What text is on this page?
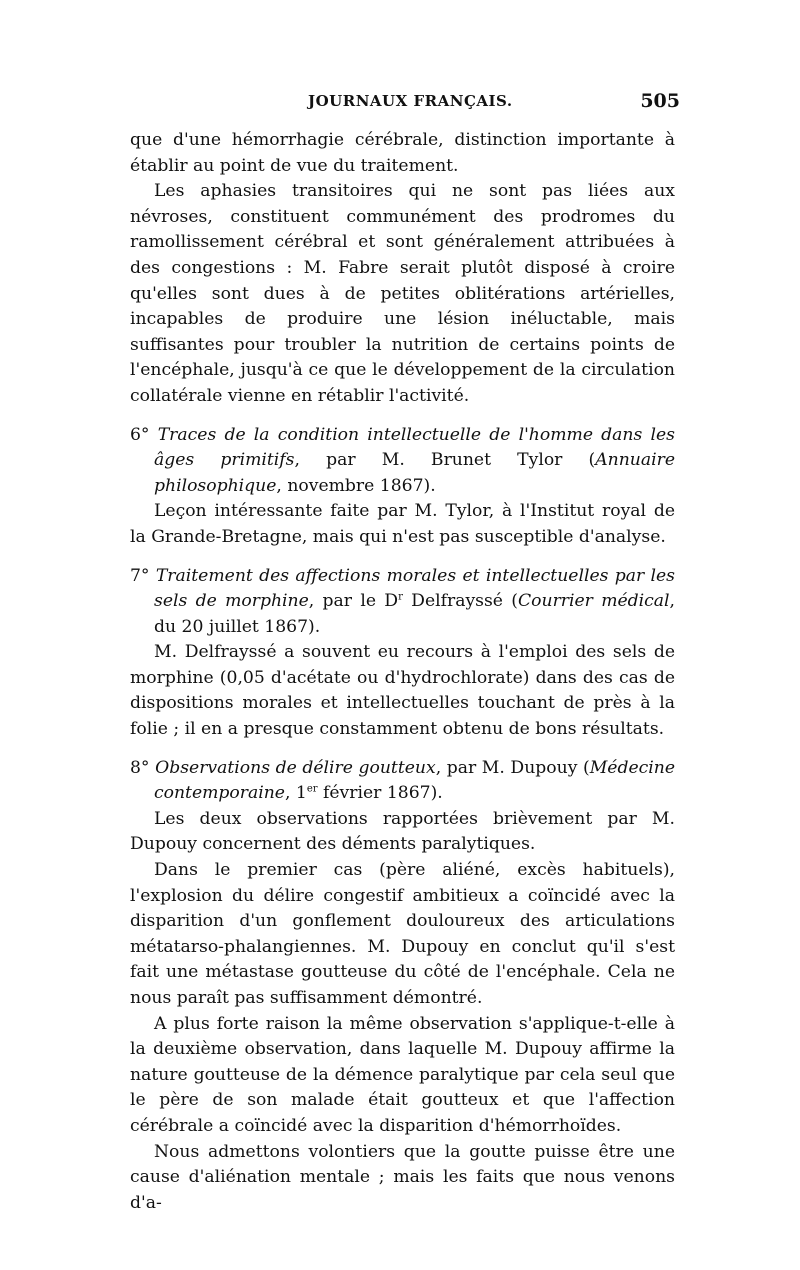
JOURNAUX FRANÇAIS.	505

que d'une hémorrhagie cérébrale, distinction importante à établir au point de vue du traitement.

Les aphasies transitoires qui ne sont pas liées aux névroses, constituent communément des prodromes du ramollissement cérébral et sont généralement attribuées à des congestions : M. Fabre serait plutôt disposé à croire qu'elles sont dues à de petites oblitérations artérielles, incapables de produire une lésion inéluctable, mais suffisantes pour troubler la nutrition de certains points de l'encéphale, jusqu'à ce que le développement de la circulation collatérale vienne en rétablir l'activité.

6° Traces de la condition intellectuelle de l'homme dans les âges primitifs, par M. Brunet Tylor (Annuaire philosophique, novembre 1867).

Leçon intéressante faite par M. Tylor, à l'Institut royal de la Grande-Bretagne, mais qui n'est pas susceptible d'analyse.

7° Traitement des affections morales et intellectuelles par les sels de morphine, par le $D^r$ Delfrayssé (Courrier médical, du 20 juillet 1867).

M. Delfrayssé a souvent eu recours à l'emploi des sels de morphine (0,05 d'acétate ou d'hydrochlorate) dans des cas de dispositions morales et intellectuelles touchant de près à la folie ; il en a presque constamment obtenu de bons résultats.

8° Observations de délire goutteux, par M. Dupouy (Médecine contemporaine, 1er février 1867).

Les deux observations rapportées brièvement par M. Dupouy concernent des déments paralytiques.

Dans le premier cas (père aliéné, excès habituels), l'explosion du délire congestif ambitieux a coïncidé avec la disparition d'un gonflement douloureux des articulations métatarso-phalangiennes. M. Dupouy en conclut qu'il s'est fait une métastase goutteuse du côté de l'encéphale. Cela ne nous paraît pas suffisamment démontré.

A plus forte raison la même observation s'applique-t-elle à la deuxième observation, dans laquelle M. Dupouy affirme la nature goutteuse de la démence paralytique par cela seul que le père de son malade était goutteux et que l'affection cérébrale a coïncidé avec la disparition d'hémorrhoïdes.

Nous admettons volontiers que la goutte puisse être une cause d'aliénation mentale ; mais les faits que nous venons d'a-
